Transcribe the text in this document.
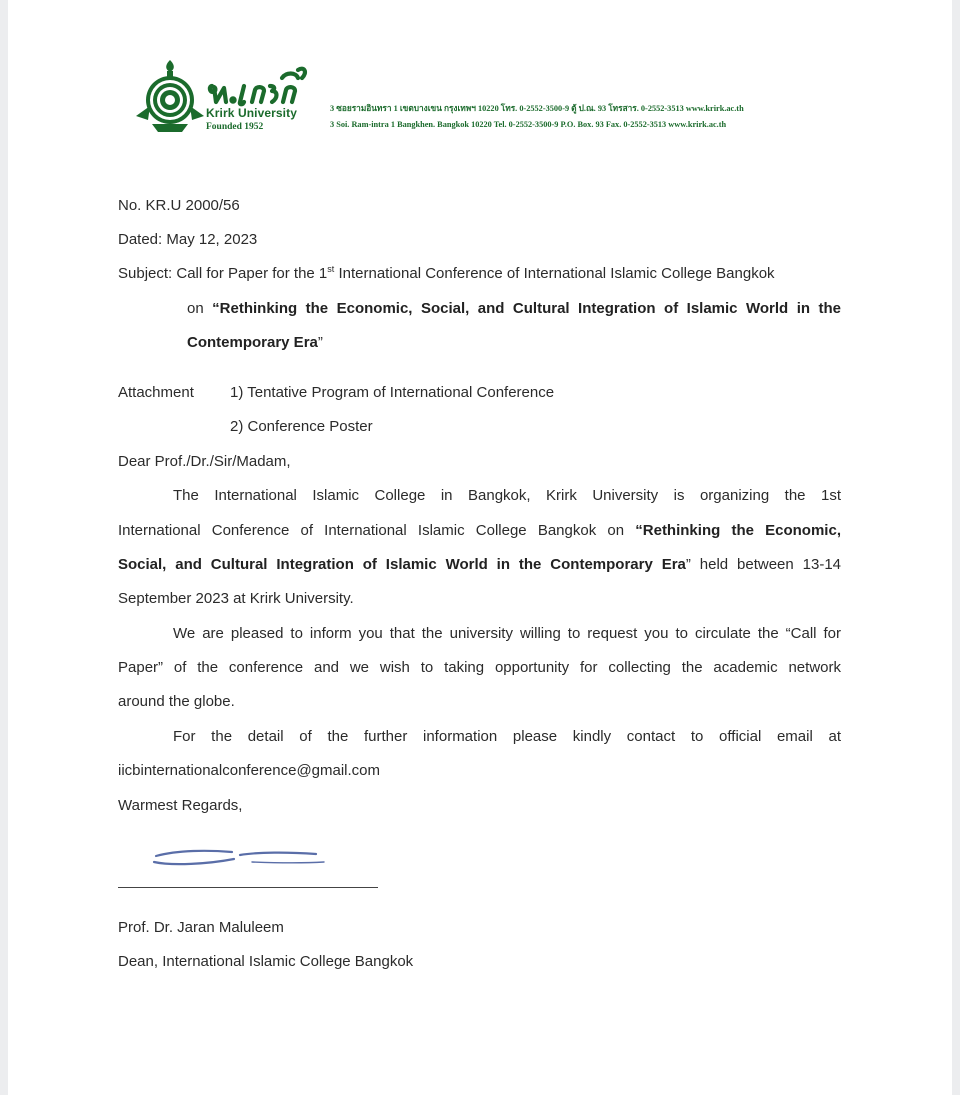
Krirk University
Founded 1952
3 ซอยรามอินทรา 1 เขตบางเขน กรุงเทพฯ 10220 โทร. 0-2552-3500-9 ตู้ ป.ณ. 93 โทรสาร. 0-2552-3513 www.krirk.ac.th
3 Soi. Ram-intra 1 Bangkhen. Bangkok 10220 Tel. 0-2552-3500-9 P.O. Box. 93 Fax. 0-2552-3513 www.krirk.ac.th
No. KR.U 2000/56
Dated: May 12, 2023
Subject: Call for Paper for the 1st International Conference of International Islamic College Bangkok
on “Rethinking the Economic, Social, and Cultural Integration of Islamic World in the
Contemporary Era”
Attachment 1) Tentative Program of International Conference
2) Conference Poster
Dear Prof./Dr./Sir/Madam,
The International Islamic College in Bangkok, Krirk University is organizing the 1st
International Conference of International Islamic College Bangkok on “Rethinking the Economic,
Social, and Cultural Integration of Islamic World in the Contemporary Era” held between 13-14
September 2023 at Krirk University.
We are pleased to inform you that the university willing to request you to circulate the “Call for
Paper” of the conference and we wish to taking opportunity for collecting the academic network
around the globe.
For the detail of the further information please kindly contact to official email at
iicbinternationalconference@gmail.com
Warmest Regards,
Prof. Dr. Jaran Maluleem
Dean, International Islamic College Bangkok
